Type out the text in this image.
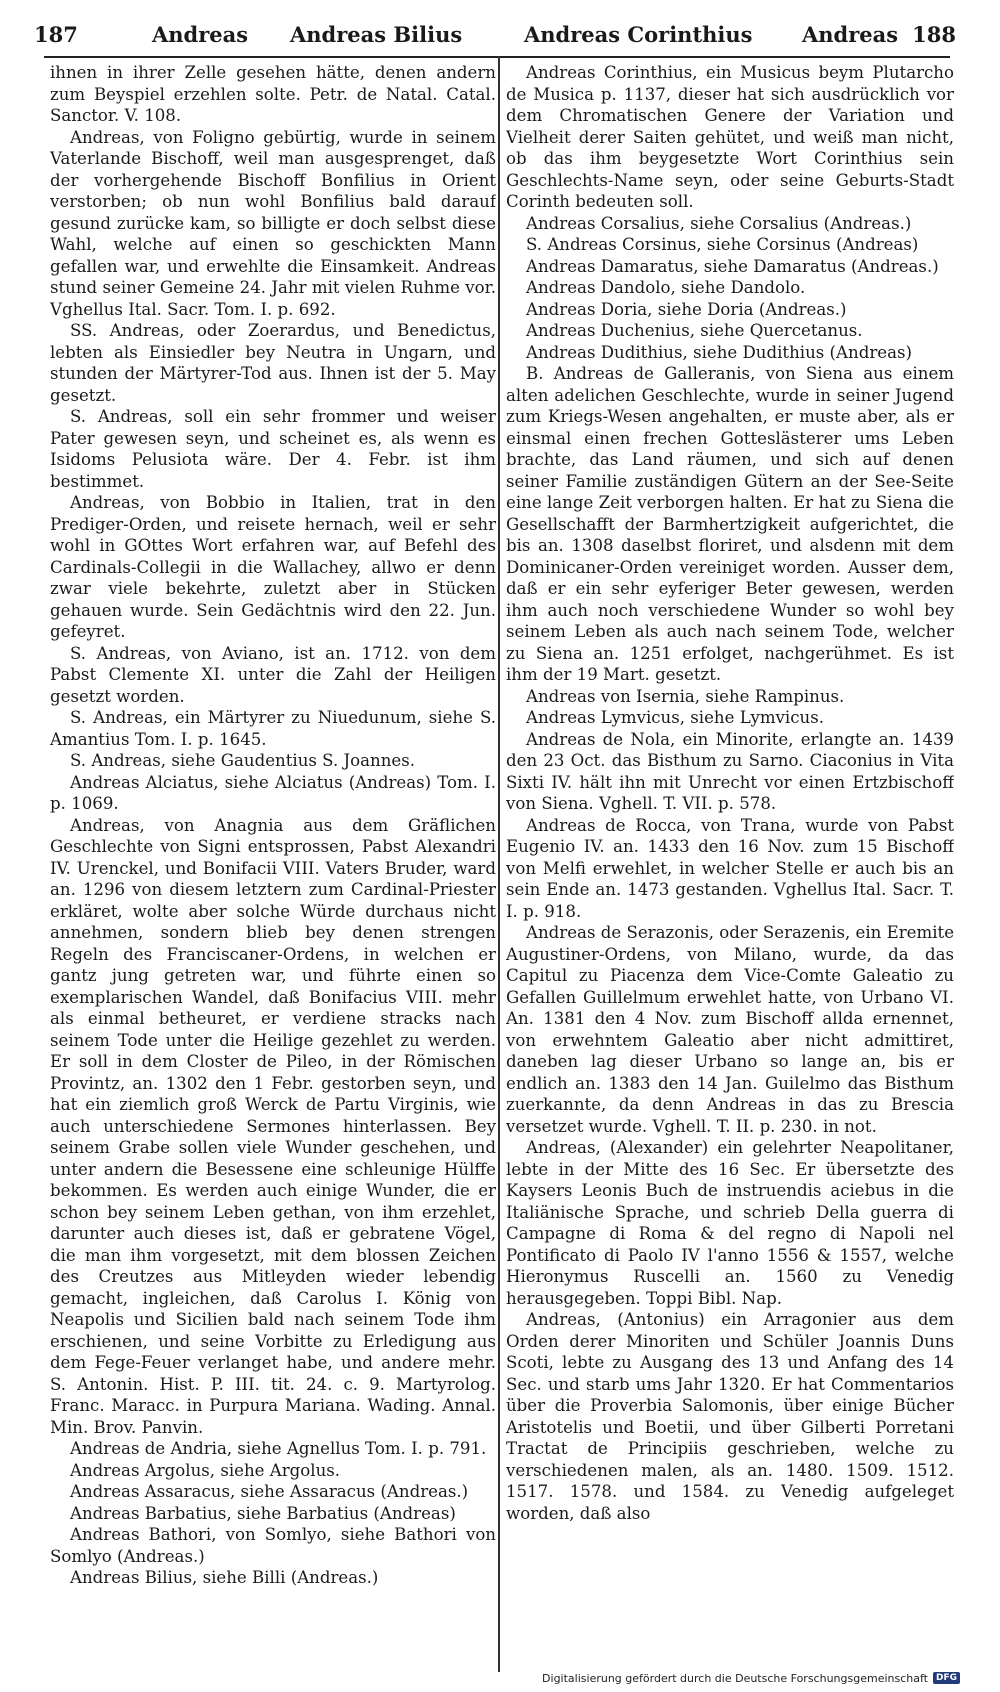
187	Andreas Andreas Bilius	Andreas Corinthius Andreas 188

ihnen in ihrer Zelle gesehen hätte, denen andern zum Beyspiel erzehlen solte. Petr. de Natal. Catal. Sanctor. V. 108.

Andreas, von Foligno gebürtig, wurde in seinem Vaterlande Bischoff, weil man ausgesprenget, daß der vorhergehende Bischoff Bonfilius in Orient verstorben; ob nun wohl Bonfilius bald darauf gesund zurücke kam, so billigte er doch selbst diese Wahl, welche auf einen so geschickten Mann gefallen war, und erwehlte die Einsamkeit. Andreas stund seiner Gemeine 24. Jahr mit vielen Ruhme vor. Vghellus Ital. Sacr. Tom. I. p. 692.

SS. Andreas, oder Zoerardus, und Benedictus, lebten als Einsiedler bey Neutra in Ungarn, und stunden der Märtyrer-Tod aus. Ihnen ist der 5. May gesetzt.

S. Andreas, soll ein sehr frommer und weiser Pater gewesen seyn, und scheinet es, als wenn es Isidoms Pelusiota wäre. Der 4. Febr. ist ihm bestimmet.

Andreas, von Bobbio in Italien, trat in den Prediger-Orden, und reisete hernach, weil er sehr wohl in GOttes Wort erfahren war, auf Befehl des Cardinals-Collegii in die Wallachey, allwo er denn zwar viele bekehrte, zuletzt aber in Stücken gehauen wurde. Sein Gedächtnis wird den 22. Jun. gefeyret.

S. Andreas, von Aviano, ist an. 1712. von dem Pabst Clemente XI. unter die Zahl der Heiligen gesetzt worden.

S. Andreas, ein Märtyrer zu Niuedunum, siehe S. Amantius Tom. I. p. 1645.

S. Andreas, siehe Gaudentius S. Joannes.

Andreas Alciatus, siehe Alciatus (Andreas) Tom. I. p. 1069.

Andreas, von Anagnia aus dem Gräflichen Geschlechte von Signi entsprossen, Pabst Alexandri IV. Urenckel, und Bonifacii VIII. Vaters Bruder, ward an. 1296 von diesem letztern zum Cardinal-Priester erkläret, wolte aber solche Würde durchaus nicht annehmen, sondern blieb bey denen strengen Regeln des Franciscaner-Ordens, in welchen er gantz jung getreten war, und führte einen so exemplarischen Wandel, daß Bonifacius VIII. mehr als einmal betheuret, er verdiene stracks nach seinem Tode unter die Heilige gezehlet zu werden. Er soll in dem Closter de Pileo, in der Römischen Provintz, an. 1302 den 1 Febr. gestorben seyn, und hat ein ziemlich groß Werck de Partu Virginis, wie auch unterschiedene Sermones hinterlassen. Bey seinem Grabe sollen viele Wunder geschehen, und unter andern die Besessene eine schleunige Hülffe bekommen. Es werden auch einige Wunder, die er schon bey seinem Leben gethan, von ihm erzehlet, darunter auch dieses ist, daß er gebratene Vögel, die man ihm vorgesetzt, mit dem blossen Zeichen des Creutzes aus Mitleyden wieder lebendig gemacht, ingleichen, daß Carolus I. König von Neapolis und Sicilien bald nach seinem Tode ihm erschienen, und seine Vorbitte zu Erledigung aus dem Fege-Feuer verlanget habe, und andere mehr. S. Antonin. Hist. P. III. tit. 24. c. 9. Martyrolog. Franc. Maracc. in Purpura Mariana. Wading. Annal. Min. Brov. Panvin.

Andreas de Andria, siehe Agnellus Tom. I. p. 791.

Andreas Argolus, siehe Argolus.

Andreas Assaracus, siehe Assaracus (Andreas.)

Andreas Barbatius, siehe Barbatius (Andreas)

Andreas Bathori, von Somlyo, siehe Bathori von Somlyo (Andreas.)

Andreas Bilius, siehe Billi (Andreas.)

Andreas Corinthius, ein Musicus beym Plutarcho de Musica p. 1137, dieser hat sich ausdrücklich vor dem Chromatischen Genere der Variation und Vielheit derer Saiten gehütet, und weiß man nicht, ob das ihm beygesetzte Wort Corinthius sein Geschlechts-Name seyn, oder seine Geburts-Stadt Corinth bedeuten soll.

Andreas Corsalius, siehe Corsalius (Andreas.)

S. Andreas Corsinus, siehe Corsinus (Andreas)

Andreas Damaratus, siehe Damaratus (Andreas.)

Andreas Dandolo, siehe Dandolo.

Andreas Doria, siehe Doria (Andreas.)

Andreas Duchenius, siehe Quercetanus.

Andreas Dudithius, siehe Dudithius (Andreas)

B. Andreas de Galleranis, von Siena aus einem alten adelichen Geschlechte, wurde in seiner Jugend zum Kriegs-Wesen angehalten, er muste aber, als er einsmal einen frechen Gotteslästerer ums Leben brachte, das Land räumen, und sich auf denen seiner Familie zuständigen Gütern an der See-Seite eine lange Zeit verborgen halten. Er hat zu Siena die Gesellschafft der Barmhertzigkeit aufgerichtet, die bis an. 1308 daselbst floriret, und alsdenn mit dem Dominicaner-Orden vereiniget worden. Ausser dem, daß er ein sehr eyferiger Beter gewesen, werden ihm auch noch verschiedene Wunder so wohl bey seinem Leben als auch nach seinem Tode, welcher zu Siena an. 1251 erfolget, nachgerühmet. Es ist ihm der 19 Mart. gesetzt.

Andreas von Isernia, siehe Rampinus.

Andreas Lymvicus, siehe Lymvicus.

Andreas de Nola, ein Minorite, erlangte an. 1439 den 23 Oct. das Bisthum zu Sarno. Ciaconius in Vita Sixti IV. hält ihn mit Unrecht vor einen Ertzbischoff von Siena. Vghell. T. VII. p. 578.

Andreas de Rocca, von Trana, wurde von Pabst Eugenio IV. an. 1433 den 16 Nov. zum 15 Bischoff von Melfi erwehlet, in welcher Stelle er auch bis an sein Ende an. 1473 gestanden. Vghellus Ital. Sacr. T. I. p. 918.

Andreas de Serazonis, oder Serazenis, ein Eremite Augustiner-Ordens, von Milano, wurde, da das Capitul zu Piacenza dem Vice-Comte Galeatio zu Gefallen Guillelmum erwehlet hatte, von Urbano VI. An. 1381 den 4 Nov. zum Bischoff allda ernennet, von erwehntem Galeatio aber nicht admittiret, daneben lag dieser Urbano so lange an, bis er endlich an. 1383 den 14 Jan. Guilelmo das Bisthum zuerkannte, da denn Andreas in das zu Brescia versetzet wurde. Vghell. T. II. p. 230. in not.

Andreas, (Alexander) ein gelehrter Neapolitaner, lebte in der Mitte des 16 Sec. Er übersetzte des Kaysers Leonis Buch de instruendis aciebus in die Italiänische Sprache, und schrieb Della guerra di Campagne di Roma & del regno di Napoli nel Pontificato di Paolo IV l'anno 1556 & 1557, welche Hieronymus Ruscelli an. 1560 zu Venedig herausgegeben. Toppi Bibl. Nap.

Andreas, (Antonius) ein Arragonier aus dem Orden derer Minoriten und Schüler Joannis Duns Scoti, lebte zu Ausgang des 13 und Anfang des 14 Sec. und starb ums Jahr 1320. Er hat Commentarios über die Proverbia Salomonis, über einige Bücher Aristotelis und Boetii, und über Gilberti Porretani Tractat de Principiis geschrieben, welche zu verschiedenen malen, als an. 1480. 1509. 1512. 1517. 1578. und 1584. zu Venedig aufgeleget worden, daß also

Digitalisierung gefördert durch die Deutsche Forschungsgemeinschaft DFG
